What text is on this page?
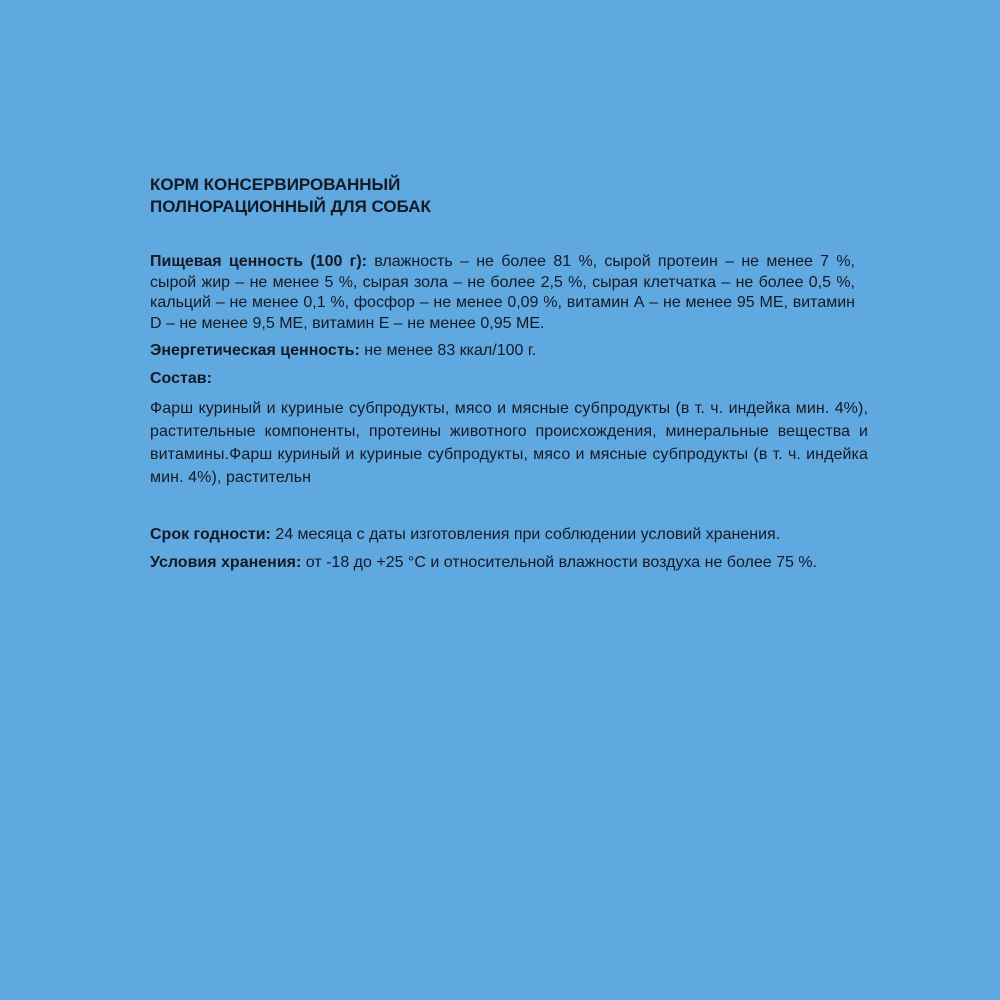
КОРМ КОНСЕРВИРОВАННЫЙ
ПОЛНОРАЦИОННЫЙ ДЛЯ СОБАК

Пищевая ценность (100 г): влажность – не более 81 %, сырой протеин – не менее 7 %, сырой жир – не менее 5 %, сырая зола – не более 2,5 %, сырая клетчатка – не более 0,5 %, кальций – не менее 0,1 %, фосфор – не менее 0,09 %, витамин А – не менее 95 МЕ, витамин D – не менее 9,5 МЕ, витамин Е – не менее 0,95 МЕ.

Энергетическая ценность: не менее 83 ккал/100 г.

Состав:

Фарш куриный и куриные субпродукты, мясо и мясные субпродукты (в т. ч. индейка мин. 4%), растительные компоненты, протеины животного происхождения, минеральные вещества и витамины.Фарш куриный и куриные субпродукты, мясо и мясные субпродукты (в т. ч. индейка мин. 4%), растительн

Срок годности: 24 месяца с даты изготовления при соблюдении условий хранения.

Условия хранения: от -18 до +25 °С и относительной влажности воздуха не более 75 %.
